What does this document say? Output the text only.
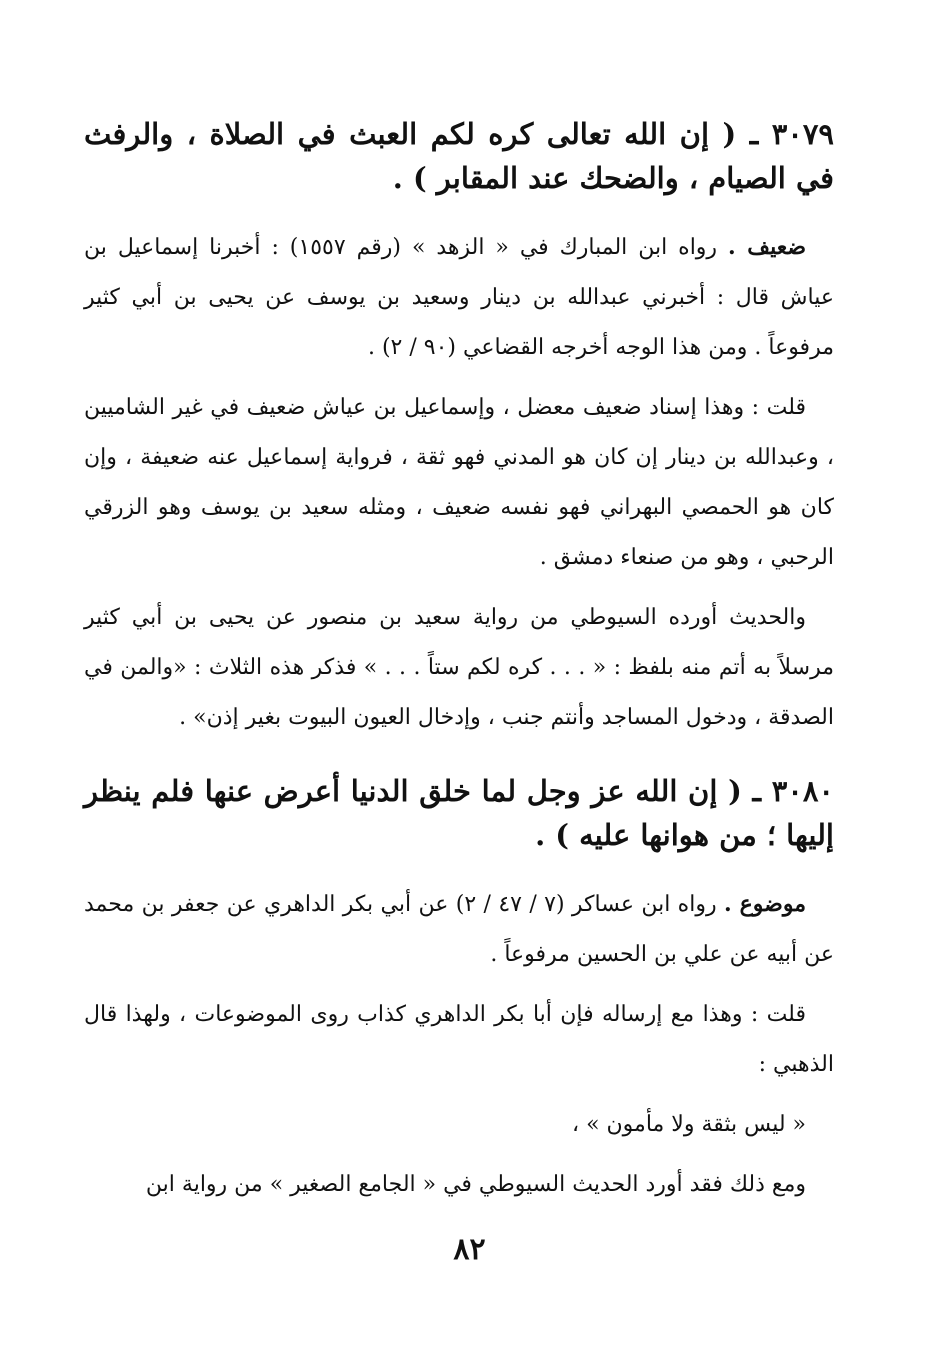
٣٠٧٩ ـ ( إن الله تعالى كره لكم العبث في الصلاة ، والرفث في الصيام ، والضحك عند المقابر ) .

ضعيف . رواه ابن المبارك في « الزهد » (رقم ١٥٥٧) : أخبرنا إسماعيل بن عياش قال : أخبرني عبدالله بن دينار وسعيد بن يوسف عن يحيى بن أبي كثير مرفوعاً . ومن هذا الوجه أخرجه القضاعي (٩٠ / ٢) .

قلت : وهذا إسناد ضعيف معضل ، وإسماعيل بن عياش ضعيف في غير الشاميين ، وعبدالله بن دينار إن كان هو المدني فهو ثقة ، فرواية إسماعيل عنه ضعيفة ، وإن كان هو الحمصي البهراني فهو نفسه ضعيف ، ومثله سعيد بن يوسف وهو الزرقي الرحبي ، وهو من صنعاء دمشق .

والحديث أورده السيوطي من رواية سعيد بن منصور عن يحيى بن أبي كثير مرسلاً به أتم منه بلفظ : « . . . كره لكم ستاً . . . » فذكر هذه الثلاث : «والمن في الصدقة ، ودخول المساجد وأنتم جنب ، وإدخال العيون البيوت بغير إذن» .

٣٠٨٠ ـ ( إن الله عز وجل لما خلق الدنيا أعرض عنها فلم ينظر إليها ؛ من هوانها عليه ) .

موضوع . رواه ابن عساكر (٧ / ٤٧ / ٢) عن أبي بكر الداهري عن جعفر بن محمد عن أبيه عن علي بن الحسين مرفوعاً .

قلت : وهذا مع إرساله فإن أبا بكر الداهري كذاب روى الموضوعات ، ولهذا قال الذهبي :

« ليس بثقة ولا مأمون » ،

ومع ذلك فقد أورد الحديث السيوطي في « الجامع الصغير » من رواية ابن

٨٢
